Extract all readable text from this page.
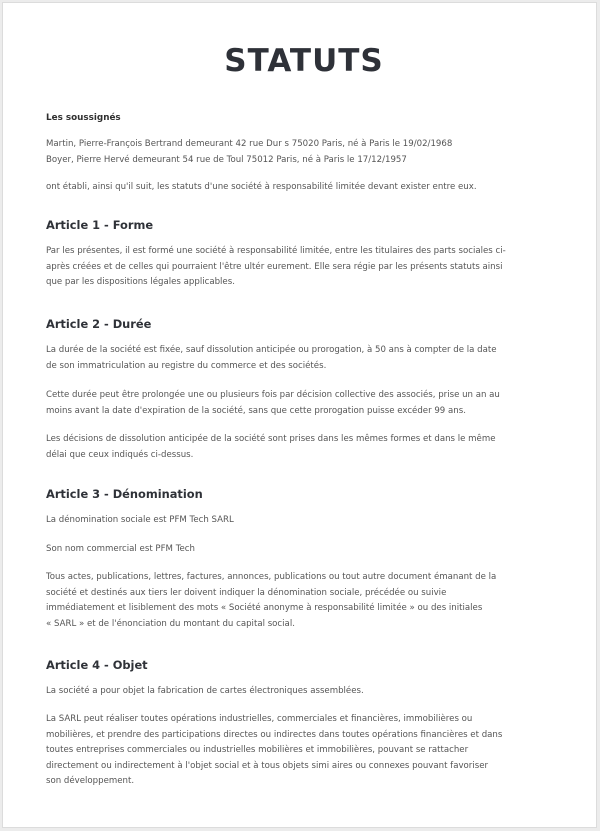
STATUTS
Les soussignés
Martin, Pierre-François Bertrand demeurant 42 rue Dur s 75020 Paris, né à Paris le 19/02/1968
Boyer, Pierre Hervé demeurant 54 rue de Toul 75012 Paris, né à Paris le 17/12/1957
ont établi, ainsi qu'il suit, les statuts d'une société à responsabilité limitée devant exister entre eux.
Article 1 - Forme
Par les présentes, il est formé une société à responsabilité limitée, entre les titulaires des parts sociales ci-
après créées et de celles qui pourraient l'être ultér eurement. Elle sera régie par les présents statuts ainsi
que par les dispositions légales applicables.
Article 2 - Durée
La durée de la société est fixée, sauf dissolution anticipée ou prorogation, à 50 ans à compter de la date
de son immatriculation au registre du commerce et des sociétés.
Cette durée peut être prolongée une ou plusieurs fois par décision collective des associés, prise un an au
moins avant la date d'expiration de la société, sans que cette prorogation puisse excéder 99 ans.
Les décisions de dissolution anticipée de la société sont prises dans les mêmes formes et dans le même
délai que ceux indiqués ci-dessus.
Article 3 - Dénomination
La dénomination sociale est PFM Tech SARL
Son nom commercial est PFM Tech
Tous actes, publications, lettres, factures, annonces, publications ou tout autre document émanant de la
société et destinés aux tiers ler doivent indiquer la dénomination sociale, précédée ou suivie
immédiatement et lisiblement des mots « Société anonyme à responsabilité limitée » ou des initiales
« SARL » et de l'énonciation du montant du capital social.
Article 4 - Objet
La société a pour objet la fabrication de cartes électroniques assemblées.
La SARL peut réaliser toutes opérations industrielles, commerciales et financières, immobilières ou
mobilières, et prendre des participations directes ou indirectes dans toutes opérations financières et dans
toutes entreprises commerciales ou industrielles mobilières et immobilières, pouvant se rattacher
directement ou indirectement à l'objet social et à tous objets simi aires ou connexes pouvant favoriser
son développement.
